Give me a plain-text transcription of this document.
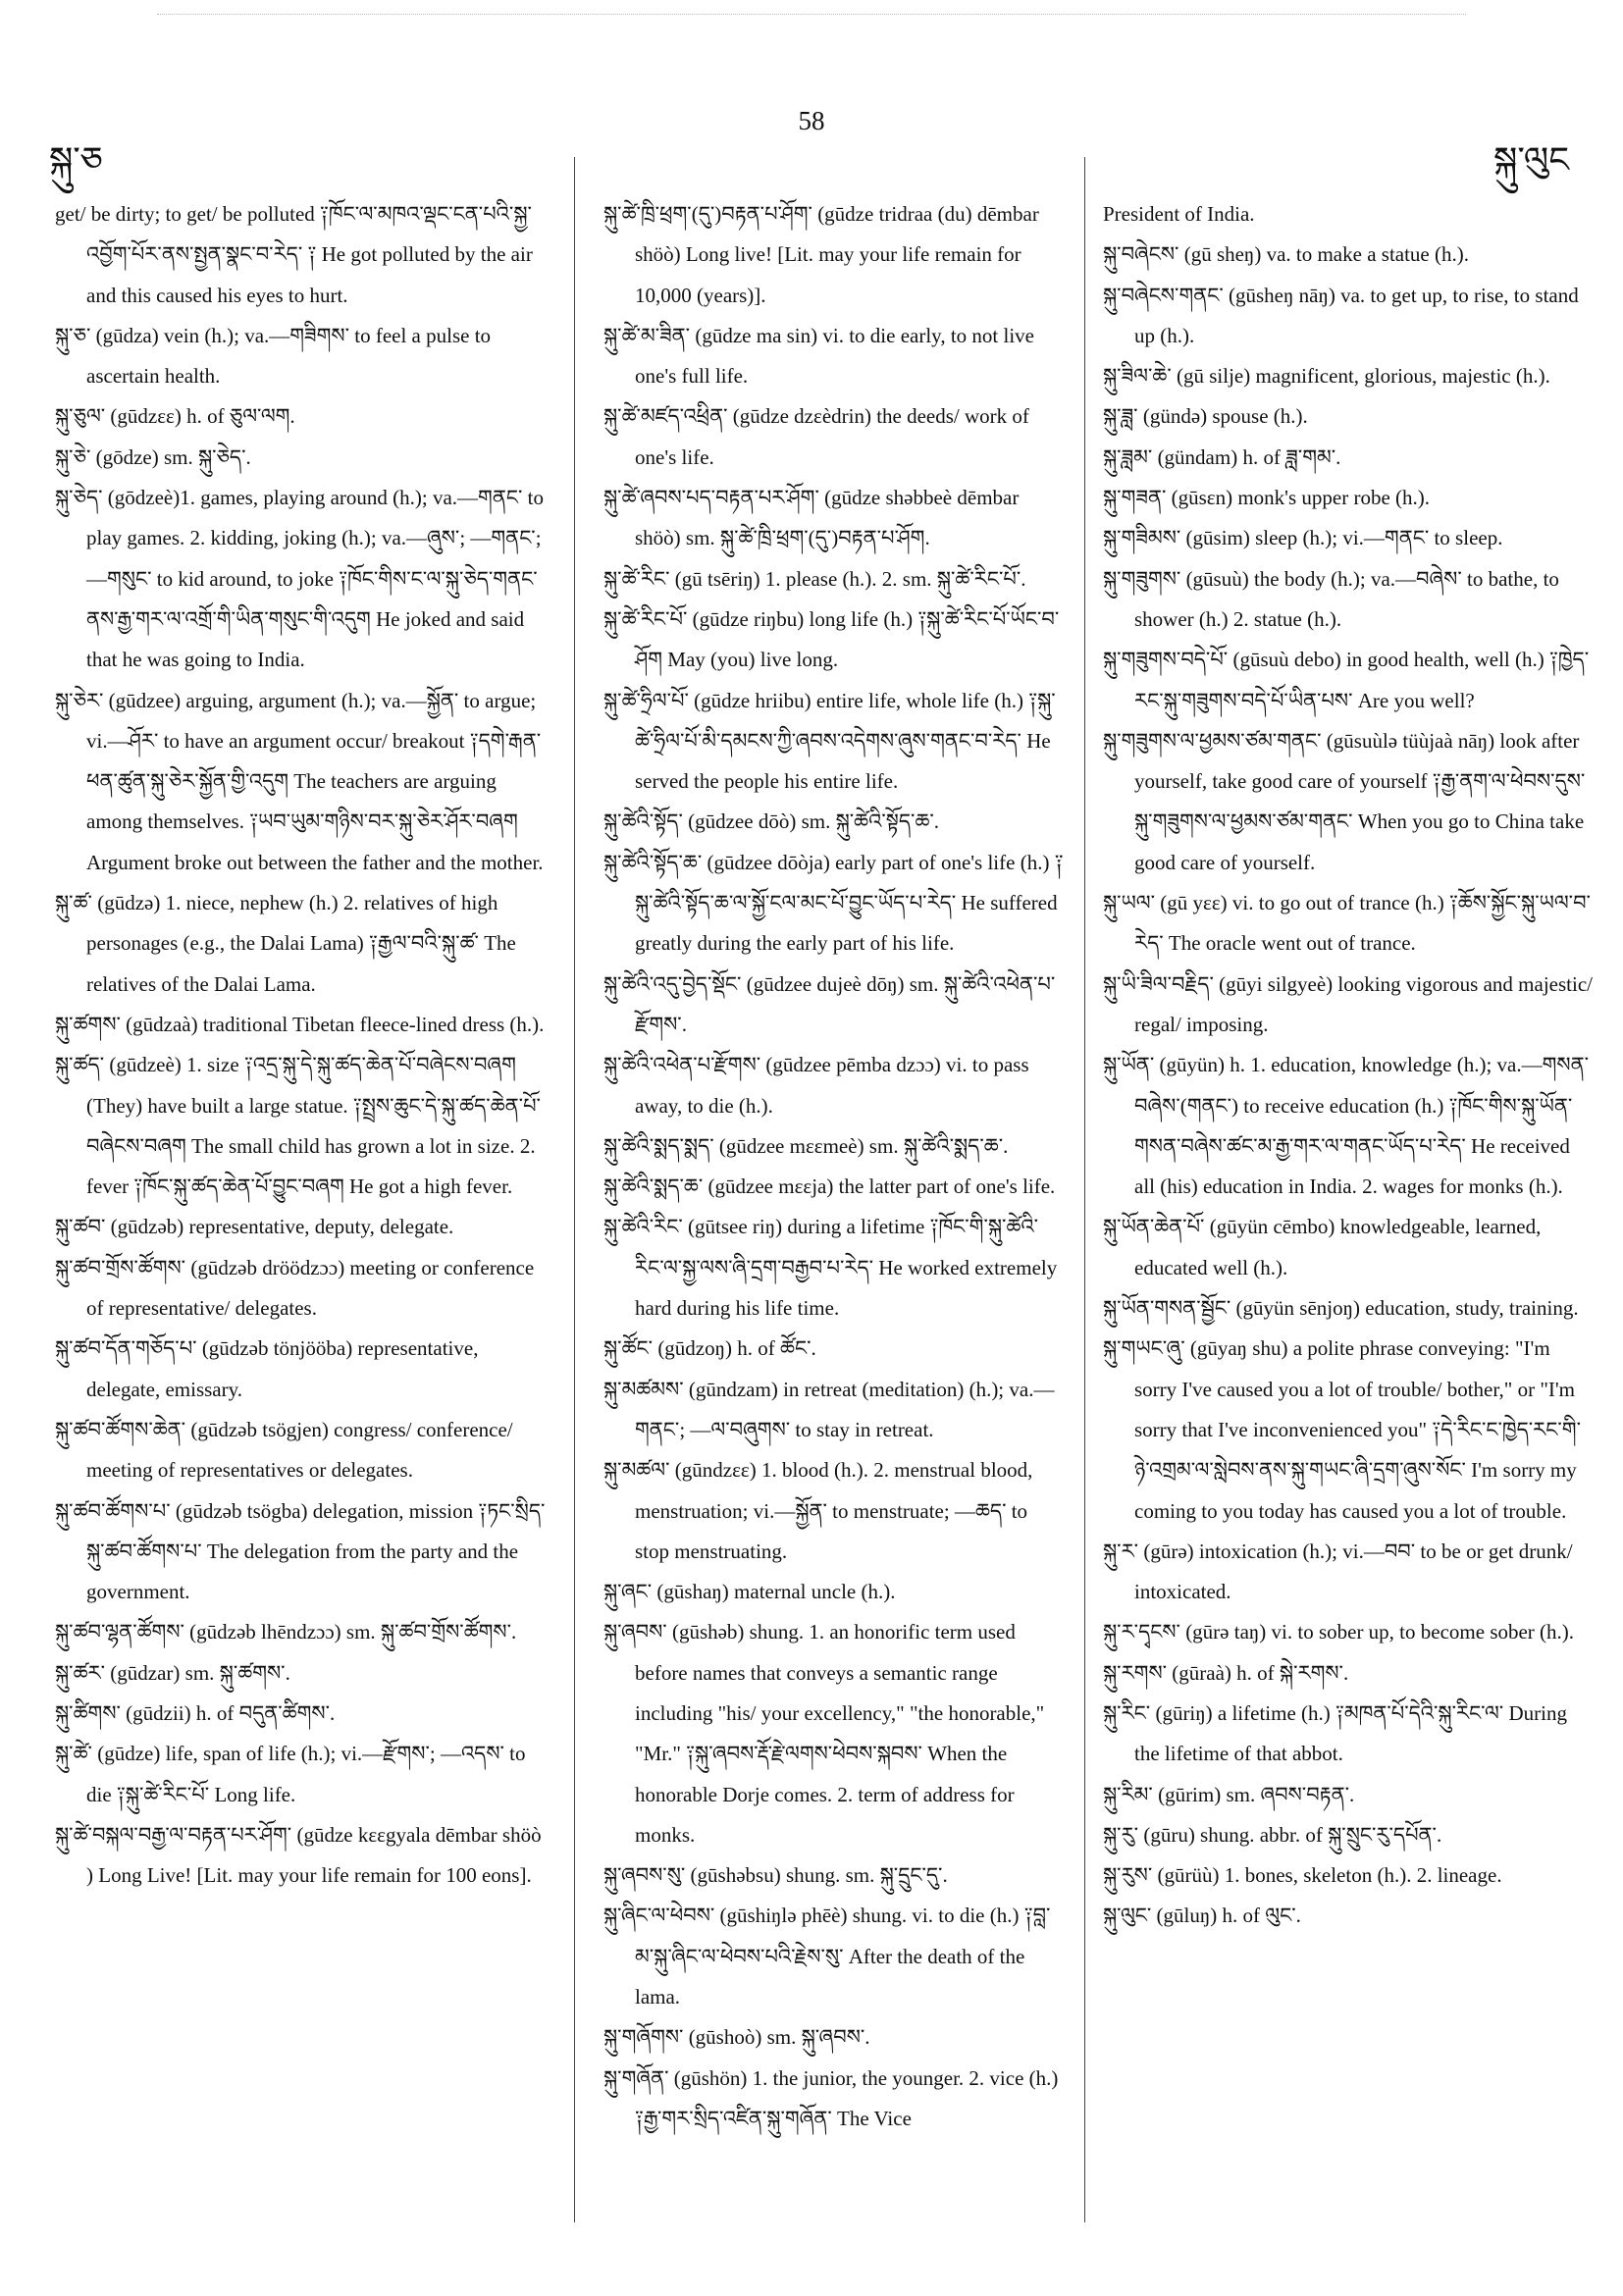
སྐུ་ཅ
58
སྐུ་ལུང
get/ be dirty; to get/ be polluted ༑ཁོང་ལ་མཁའ་ལྡང་ངན་པའི་སྐྱ་འབྱོག་པོར་ནས་སྤྱན་སྣང་བ་རེད་ ༑ He got polluted by the air and this caused his eyes to hurt.
སྐུ་ཅ་ (gūdza) vein (h.); va.—གཟིགས་ to feel a pulse to ascertain health.
སྐུ་ཅུལ་ (gūdzεε) h. of ཅུལ་ལག.
སྐུ་ཅེ་ (gōdze) sm. སྐུ་ཅེད་.
སྐུ་ཅེད་ (gōdzeè)1. games, playing around (h.); va.—གནང་ to play games. 2. kidding, joking (h.); va.—ཞུས་; —གནང་; —གསུང་ to kid around, to joke ༑ཁོང་གིས་ང་ལ་སྐུ་ཅེད་གནང་ནས་རྒྱ་གར་ལ་འགྲོ་གི་ཡིན་གསུང་གི་འདུག He joked and said that he was going to India.
སྐུ་ཅེར་ (gūdzee) arguing, argument (h.); va.—སྐྱོན་ to argue; vi.—ཤོར་ to have an argument occur/ breakout ༑དགེ་རྒན་ཕན་ཚུན་སྐུ་ཅེར་སྐྱོན་གྱི་འདུག The teachers are arguing among themselves. ༑ཡབ་ཡུམ་གཉིས་བར་སྐུ་ཅེར་ཤོར་བཞག Argument broke out between the father and the mother.
སྐུ་ཚ་ (gūdzə) 1. niece, nephew (h.) 2. relatives of high personages (e.g., the Dalai Lama) ༑རྒྱལ་བའི་སྐུ་ཚ་ The relatives of the Dalai Lama.
སྐུ་ཚགས་ (gūdzaà) traditional Tibetan fleece-lined dress (h.).
སྐུ་ཚད་ (gūdzeè) 1. size ༑འདྲ་སྐུ་དེ་སྐུ་ཚད་ཆེན་པོ་བཞེངས་བཞག (They) have built a large statue. ༑སྤྲས་ཆུང་དེ་སྐུ་ཚད་ཆེན་པོ་བཞེངས་བཞག The small child has grown a lot in size. 2. fever ༑ཁོང་སྐུ་ཚད་ཆེན་པོ་བྱུང་བཞག He got a high fever.
སྐུ་ཚབ་ (gūdzəb) representative, deputy, delegate.
སྐུ་ཚབ་གྲོས་ཚོགས་ (gūdzəb dröödzɔɔ) meeting or conference of representative/ delegates.
སྐུ་ཚབ་དོན་གཅོད་པ་ (gūdzəb tönjööba) representative, delegate, emissary.
སྐུ་ཚབ་ཚོགས་ཆེན་ (gūdzəb tsögjen) congress/ conference/ meeting of representatives or delegates.
སྐུ་ཚབ་ཚོགས་པ་ (gūdzəb tsögba) delegation, mission ༑ཏང་སྲིད་སྐུ་ཚབ་ཚོགས་པ་ The delegation from the party and the government.
སྐུ་ཚབ་ལྷན་ཚོགས་ (gūdzəb lhēndzɔɔ) sm. སྐུ་ཚབ་གྲོས་ཚོགས་.
སྐུ་ཚར་ (gūdzar) sm. སྐུ་ཚགས་.
སྐུ་ཚིགས་ (gūdzii) h. of བདུན་ཚིགས་.
སྐུ་ཚེ་ (gūdze) life, span of life (h.); vi.—རྫོགས་; —འདས་ to die ༑སྐུ་ཚེ་རིང་པོ་ Long life.
སྐུ་ཚེ་བསྐལ་བརྒྱ་ལ་བརྟན་པར་ཤོག་ (gūdze kεεgyala dēmbar shöò ) Long Live! [Lit. may your life remain for 100 eons].
སྐུ་ཚེ་ཁྲི་ཕྲག་(དུ་)བརྟན་པ་ཤོག་ (gūdze tridraa (du) dēmbar shöò) Long live! [Lit. may your life remain for 10,000 (years)].
སྐུ་ཚེ་མ་ཟིན་ (gūdze ma sin) vi. to die early, to not live one's full life.
སྐུ་ཚེ་མཛད་འཕྲིན་ (gūdze dzεèdrin) the deeds/ work of one's life.
སྐུ་ཚེ་ཞབས་པད་བརྟན་པར་ཤོག་ (gūdze shəbbeè dēmbar shöò) sm. སྐུ་ཚེ་ཁྲི་ཕྲག་(དུ་)བརྟན་པ་ཤོག.
སྐུ་ཚེ་རིང་ (gū tsēriŋ) 1. please (h.). 2. sm. སྐུ་ཚེ་རིང་པོ་.
སྐུ་ཚེ་རིང་པོ་ (gūdze riŋbu) long life (h.) ༑སྐུ་ཚེ་རིང་པོ་ཡོང་བ་ཤོག May (you) live long.
སྐུ་ཚེ་ཧྲིལ་པོ་ (gūdze hriibu) entire life, whole life (h.) ༑སྐུ་ཚེ་ཧྲིལ་པོ་མི་དམངས་ཀྱི་ཞབས་འདེགས་ཞུས་གནང་བ་རེད་ He served the people his entire life.
སྐུ་ཚེའི་སྟོད་ (gūdzee dōò) sm. སྐུ་ཚེའི་སྟོད་ཆ་.
སྐུ་ཚེའི་སྟོད་ཆ་ (gūdzee dōòja) early part of one's life (h.) ༑སྐུ་ཚེའི་སྟོད་ཆ་ལ་སྐྱོ་ངལ་མང་པོ་བྱུང་ཡོད་པ་རེད་ He suffered greatly during the early part of his life.
སྐུ་ཚེའི་འདུ་བྱེད་སྡོང་ (gūdzee dujeè dōŋ) sm. སྐུ་ཚེའི་འཕེན་པ་རྫོགས་.
སྐུ་ཚེའི་འཕེན་པ་རྫོགས་ (gūdzee pēmba dzɔɔ) vi. to pass away, to die (h.).
སྐུ་ཚེའི་སྨད་སྨད་ (gūdzee mεεmeè) sm. སྐུ་ཚེའི་སྨད་ཆ་.
སྐུ་ཚེའི་སྨད་ཆ་ (gūdzee mεεja) the latter part of one's life.
སྐུ་ཚེའི་རིང་ (gūtsee riŋ) during a lifetime ༑ཁོང་གི་སྐུ་ཚེའི་རིང་ལ་སྐྱ་ལས་ཞི་དྲག་བརྒྱབ་པ་རེད་ He worked extremely hard during his life time.
སྐུ་ཚོང་ (gūdzoŋ) h. of ཚོང་.
སྐུ་མཚམས་ (gūndzam) in retreat (meditation) (h.); va.—གནང་; —ལ་བཞུགས་ to stay in retreat.
སྐུ་མཚལ་ (gūndzεε) 1. blood (h.). 2. menstrual blood, menstruation; vi.—སྐྱོན་ to menstruate; —ཆད་ to stop menstruating.
སྐུ་ཞང་ (gūshaŋ) maternal uncle (h.).
སྐུ་ཞབས་ (gūshəb) shung. 1. an honorific term used before names that conveys a semantic range including "his/ your excellency," "the honorable," "Mr." ༑སྐུ་ཞབས་རྡོ་རྗེ་ལགས་ཕེབས་སྐབས་ When the honorable Dorje comes. 2. term of address for monks.
སྐུ་ཞབས་སུ་ (gūshəbsu) shung. sm. སྐུ་དྲུང་དུ་.
སྐུ་ཞིང་ལ་ཕེབས་ (gūshiŋlə phēè) shung. vi. to die (h.) ༑བླ་མ་སྐུ་ཞིང་ལ་ཕེབས་པའི་རྗེས་སུ་ After the death of the lama.
སྐུ་གཞོགས་ (gūshoò) sm. སྐུ་ཞབས་.
སྐུ་གཞོན་ (gūshön) 1. the junior, the younger. 2. vice (h.) ༑རྒྱ་གར་སྲིད་འཛིན་སྐུ་གཞོན་ The Vice
President of India.
སྐུ་བཞེངས་ (gū sheŋ) va. to make a statue (h.).
སྐུ་བཞེངས་གནང་ (gūsheŋ nāŋ) va. to get up, to rise, to stand up (h.).
སྐུ་ཟིལ་ཆེ་ (gū silje) magnificent, glorious, majestic (h.).
སྐུ་ཟླ་ (gündə) spouse (h.).
སྐུ་ཟླམ་ (gündam) h. of ཟླ་གམ་.
སྐུ་གཟན་ (gūsεn) monk's upper robe (h.).
སྐུ་གཟིམས་ (gūsim) sleep (h.); vi.—གནང་ to sleep.
སྐུ་གཟུགས་ (gūsuù) the body (h.); va.—བཞེས་ to bathe, to shower (h.) 2. statue (h.).
སྐུ་གཟུགས་བདེ་པོ་ (gūsuù debo) in good health, well (h.) ༑ཁྱེད་རང་སྐུ་གཟུགས་བདེ་པོ་ཡིན་པས་ Are you well?
སྐུ་གཟུགས་ལ་ཕྱམས་ཙམ་གནང་ (gūsuùlə tüùjaà nāŋ) look after yourself, take good care of yourself ༑རྒྱ་ནག་ལ་ཕེབས་དུས་སྐུ་གཟུགས་ལ་ཕྱམས་ཙམ་གནང་ When you go to China take good care of yourself.
སྐུ་ཡལ་ (gū yεε) vi. to go out of trance (h.) ༑ཆོས་སྐྱོང་སྐུ་ཡལ་བ་རེད་ The oracle went out of trance.
སྐུ་ཡི་ཟིལ་བརྗིད་ (gūyi silgyeè) looking vigorous and majestic/ regal/ imposing.
སྐུ་ཡོན་ (gūyün) h. 1. education, knowledge (h.); va.—གསན་བཞེས་(གནང་) to receive education (h.) ༑ཁོང་གིས་སྐུ་ཡོན་གསན་བཞེས་ཚང་མ་རྒྱ་གར་ལ་གནང་ཡོད་པ་རེད་ He received all (his) education in India. 2. wages for monks (h.).
སྐུ་ཡོན་ཆེན་པོ་ (gūyün cēmbo) knowledgeable, learned, educated well (h.).
སྐུ་ཡོན་གསན་སྦྱོང་ (gūyün sēnjoŋ) education, study, training.
སྐུ་གཡང་ཞུ་ (gūyaŋ shu) a polite phrase conveying: "I'm sorry I've caused you a lot of trouble/ bother," or "I'm sorry that I've inconvenienced you" ༑དེ་རིང་ང་ཁྱེད་རང་གི་ཉེ་འགྲམ་ལ་སླེབས་ནས་སྐུ་གཡང་ཞི་དྲག་ཞུས་སོང་ I'm sorry my coming to you today has caused you a lot of trouble.
སྐུ་ར་ (gūrə) intoxication (h.); vi.—བབ་ to be or get drunk/ intoxicated.
སྐུ་ར་དྭངས་ (gūrə taŋ) vi. to sober up, to become sober (h.).
སྐུ་རགས་ (gūraà) h. of སྐེ་རགས་.
སྐུ་རིང་ (gūriŋ) a lifetime (h.) ༑མཁན་པོ་དེའི་སྐུ་རིང་ལ་ During the lifetime of that abbot.
སྐུ་རིམ་ (gūrim) sm. ཞབས་བརྟན་.
སྐུ་རུ་ (gūru) shung. abbr. of སྐུ་སྲུང་རུ་དཔོན་.
སྐུ་རུས་ (gūrüù) 1. bones, skeleton (h.). 2. lineage.
སྐུ་ལུང་ (gūluŋ) h. of ལུང་.
